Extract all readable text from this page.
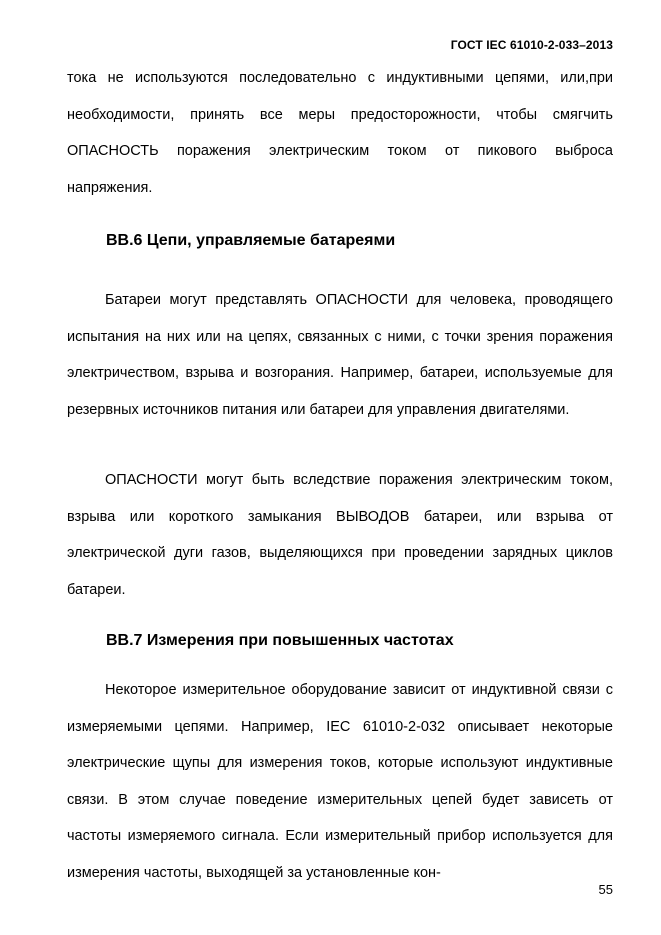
ГОСТ IEC 61010-2-033–2013

тока не используются последовательно с индуктивными цепями, или,при необходимости, принять все меры предосторожности, чтобы смягчить ОПАСНОСТЬ поражения электрическим током от пикового выброса напряжения.

ВВ.6 Цепи, управляемые батареями

Батареи могут представлять ОПАСНОСТИ для человека, проводящего испытания на них или на цепях, связанных с ними, с точки зрения поражения электричеством, взрыва и возгорания. Например, батареи, используемые для резервных источников питания или батареи для управления двигателями.

ОПАСНОСТИ могут быть вследствие поражения электрическим током, взрыва или короткого замыкания ВЫВОДОВ батареи, или взрыва от электрической дуги газов, выделяющихся при проведении зарядных циклов батареи.

ВВ.7 Измерения при повышенных частотах

Некоторое измерительное оборудование зависит от индуктивной связи с измеряемыми цепями. Например, IEC 61010-2-032 описывает некоторые электрические щупы для измерения токов, которые используют индуктивные связи. В этом случае поведение измерительных цепей будет зависеть от частоты измеряемого сигнала. Если измерительный прибор используется для измерения частоты, выходящей за установленные кон-

55
